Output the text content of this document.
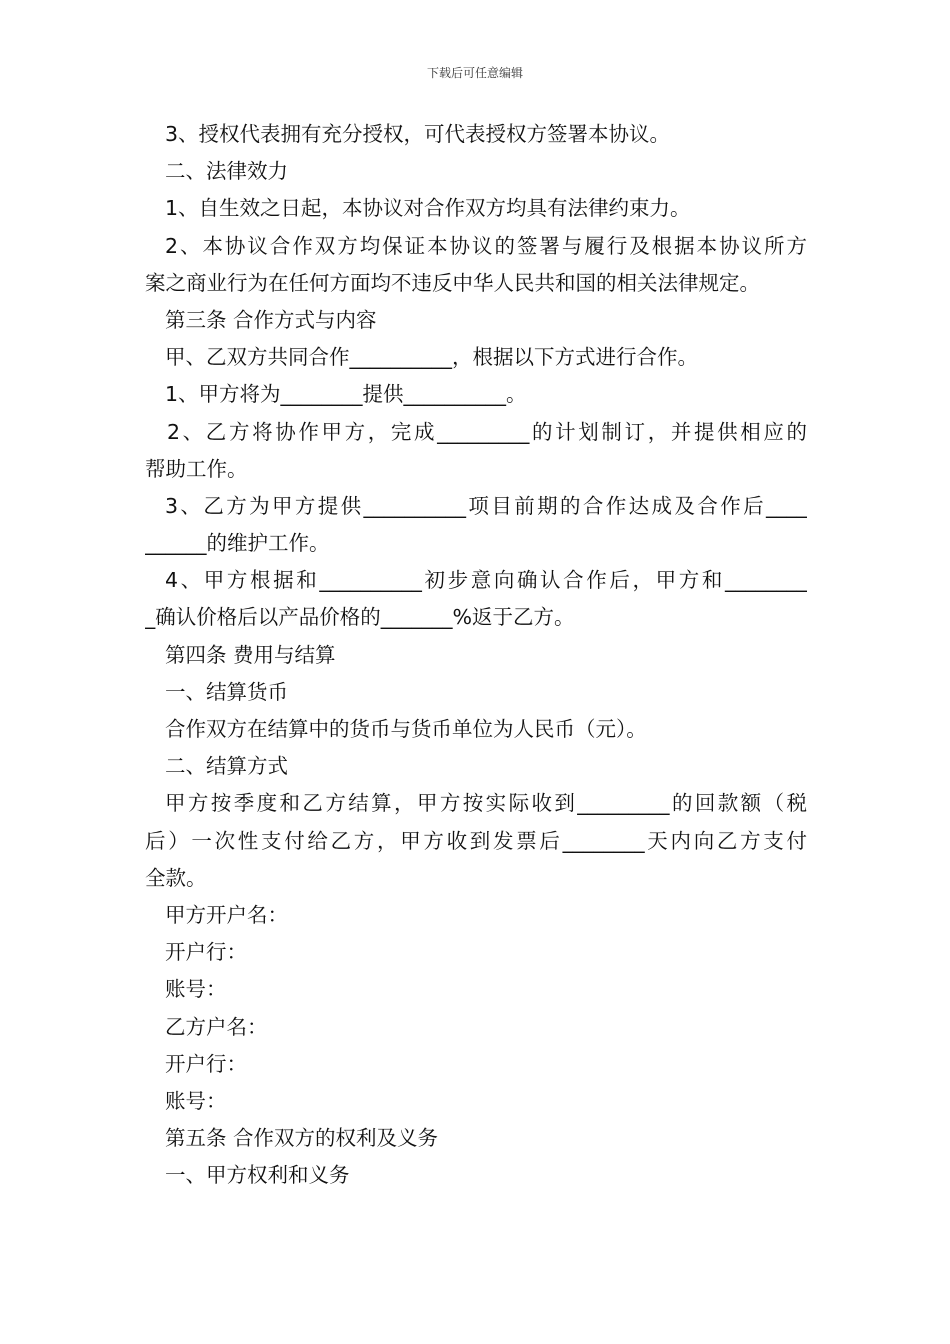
下载后可任意编辑
3、授权代表拥有充分授权，可代表授权方签署本协议。
二、法律效力
1、自生效之日起，本协议对合作双方均具有法律约束力。
2、本协议合作双方均保证本协议的签署与履行及根据本协议所方
案之商业行为在任何方面均不违反中华人民共和国的相关法律规定。
第三条 合作方式与内容
甲、乙双方共同合作__________，根据以下方式进行合作。
1、甲方将为________提供__________。
2、乙方将协作甲方，完成_________的计划制订，并提供相应的
帮助工作。
3、乙方为甲方提供__________项目前期的合作达成及合作后____
______的维护工作。
4、甲方根据和__________初步意向确认合作后，甲方和________
_确认价格后以产品价格的_______%返于乙方。
第四条 费用与结算
一、结算货币
合作双方在结算中的货币与货币单位为人民币（元）。
二、结算方式
甲方按季度和乙方结算，甲方按实际收到_________的回款额（税
后）一次性支付给乙方，甲方收到发票后________天内向乙方支付
全款。
甲方开户名：
开户行：
账号：
乙方户名：
开户行：
账号：
第五条 合作双方的权利及义务
一、甲方权利和义务
